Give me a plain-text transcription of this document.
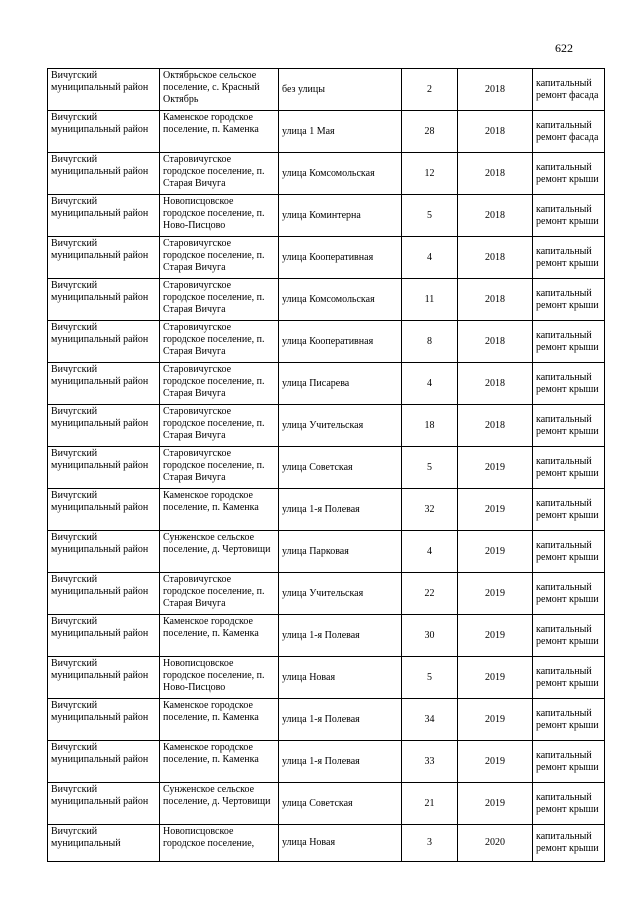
622
Вичугский муниципальный район	Октябрьское сельское поселение, с. Красный Октябрь	без улицы	2	2018	капитальный ремонт фасада

Вичугский муниципальный район	Каменское городское поселение, п. Каменка	улица 1 Мая	28	2018	капитальный ремонт фасада

Вичугский муниципальный район	Старовичугское городское поселение, п. Старая Вичуга	улица Комсомольская	12	2018	капитальный ремонт крыши

Вичугский муниципальный район	Новописцовское городское поселение, п. Ново-Писцово	улица Коминтерна	5	2018	капитальный ремонт крыши

Вичугский муниципальный район	Старовичугское городское поселение, п. Старая Вичуга	улица Кооперативная	4	2018	капитальный ремонт крыши

Вичугский муниципальный район	Старовичугское городское поселение, п. Старая Вичуга	улица Комсомольская	11	2018	капитальный ремонт крыши

Вичугский муниципальный район	Старовичугское городское поселение, п. Старая Вичуга	улица Кооперативная	8	2018	капитальный ремонт крыши

Вичугский муниципальный район	Старовичугское городское поселение, п. Старая Вичуга	улица Писарева	4	2018	капитальный ремонт крыши

Вичугский муниципальный район	Старовичугское городское поселение, п. Старая Вичуга	улица Учительская	18	2018	капитальный ремонт крыши

Вичугский муниципальный район	Старовичугское городское поселение, п. Старая Вичуга	улица Советская	5	2019	капитальный ремонт крыши

Вичугский муниципальный район	Каменское городское поселение, п. Каменка	улица 1-я Полевая	32	2019	капитальный ремонт крыши

Вичугский муниципальный район	Сунженское сельское поселение, д. Чертовищи	улица Парковая	4	2019	капитальный ремонт крыши

Вичугский муниципальный район	Старовичугское городское поселение, п. Старая Вичуга	улица Учительская	22	2019	капитальный ремонт крыши

Вичугский муниципальный район	Каменское городское поселение, п. Каменка	улица 1-я Полевая	30	2019	капитальный ремонт крыши

Вичугский муниципальный район	Новописцовское городское поселение, п. Ново-Писцово	улица Новая	5	2019	капитальный ремонт крыши

Вичугский муниципальный район	Каменское городское поселение, п. Каменка	улица 1-я Полевая	34	2019	капитальный ремонт крыши

Вичугский муниципальный район	Каменское городское поселение, п. Каменка	улица 1-я Полевая	33	2019	капитальный ремонт крыши

Вичугский муниципальный район	Сунженское сельское поселение, д. Чертовищи	улица Советская	21	2019	капитальный ремонт крыши

Вичугский муниципальный	Новописцовское городское поселение,	улица Новая	3	2020	капитальный ремонт крыши
